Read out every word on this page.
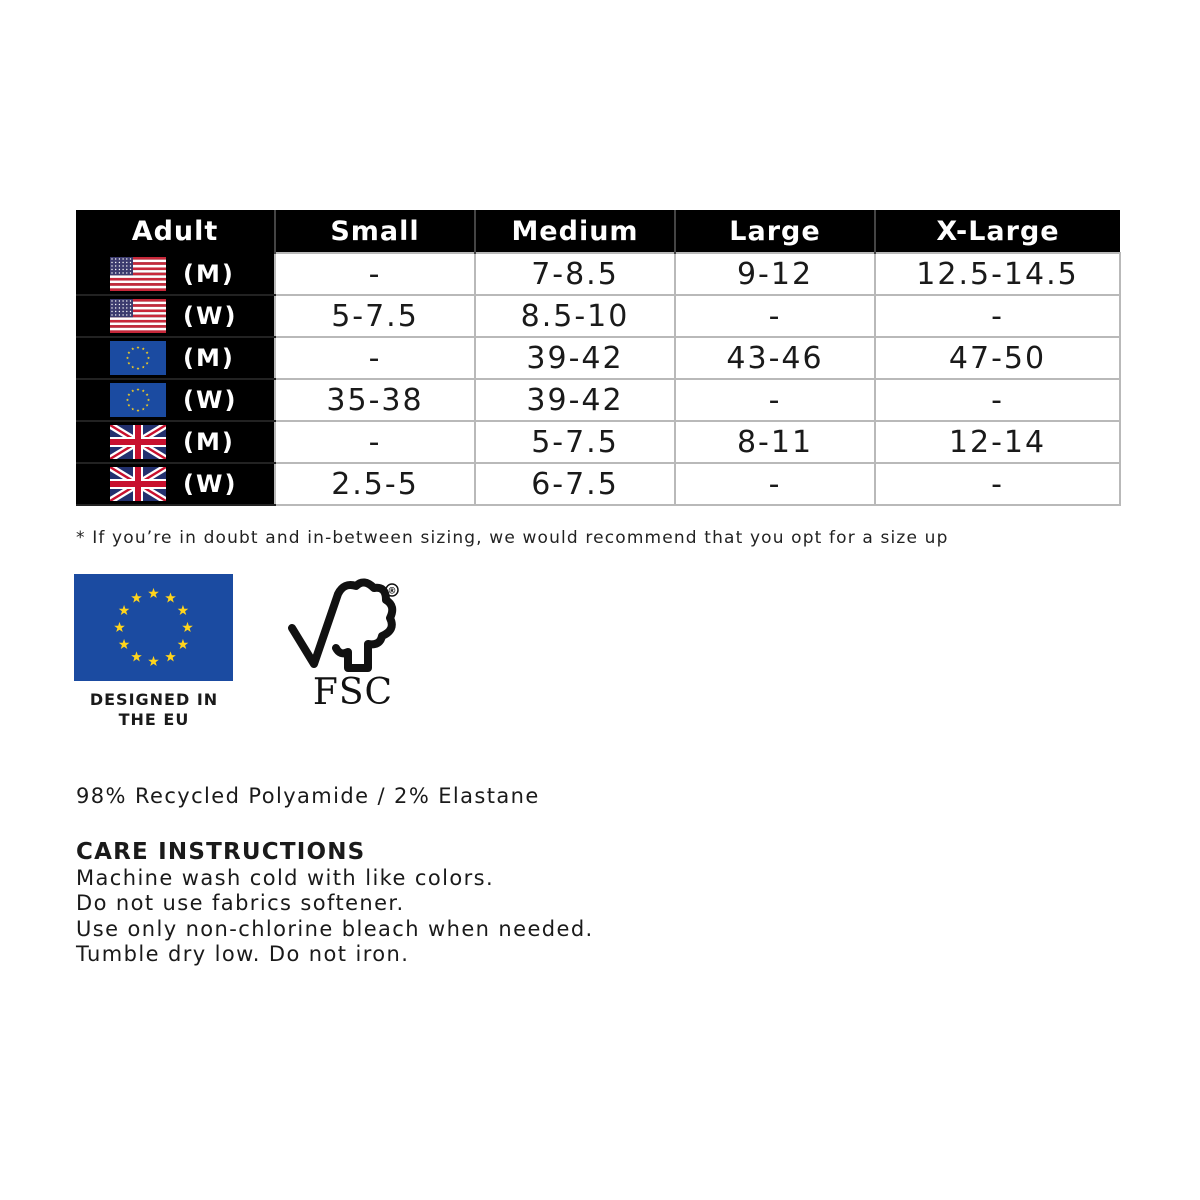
Adult	Small	Medium	Large	X-Large

(M)	-	7-8.5	9-12	12.5-14.5

(W)	5-7.5	8.5-10	-	-

(M)	-	39-42	43-46	47-50

(W)	35-38	39-42	-	-

(M)	-	5-7.5	8-11	12-14

(W)	2.5-5	6-7.5	-	-
* If you’re in doubt and in-between sizing, we would recommend that you opt for a size up
DESIGNED IN
THE EU
®
FSC
98% Recycled Polyamide / 2% Elastane
CARE INSTRUCTIONS
Machine wash cold with like colors.
Do not use fabrics softener.
Use only non-chlorine bleach when needed.
Tumble dry low. Do not iron.
